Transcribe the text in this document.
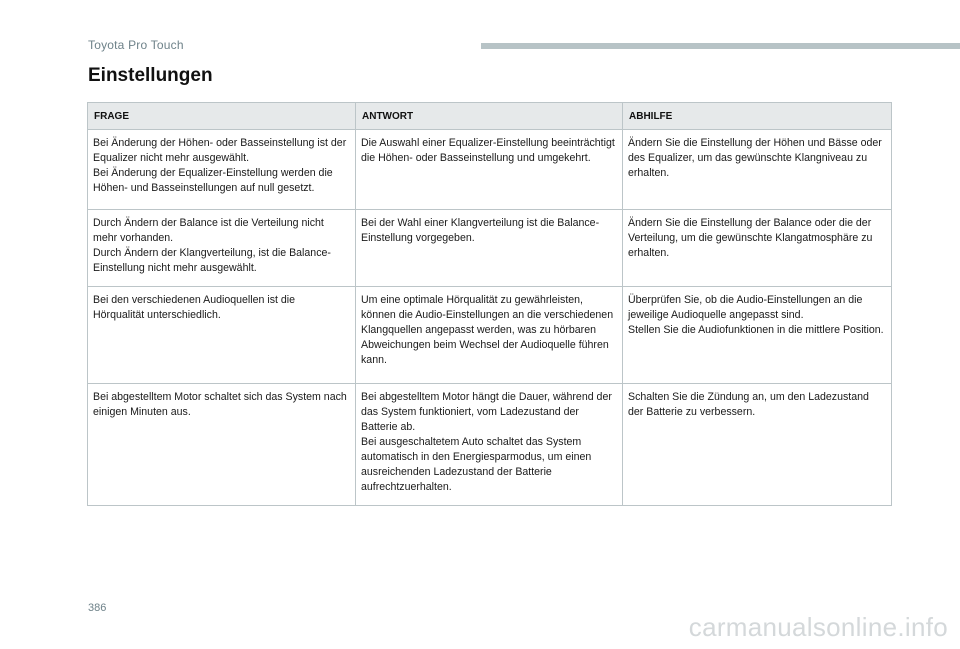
Toyota Pro Touch
Einstellungen
FRAGE	ANTWORT	ABHILFE

Bei Änderung der Höhen- oder Basseinstellung ist der Equalizer nicht mehr ausgewählt.
Bei Änderung der Equalizer-Einstellung werden die Höhen- und Basseinstellungen auf null gesetzt.	Die Auswahl einer Equalizer-Einstellung beeinträchtigt die Höhen- oder Basseinstellung und umgekehrt.	Ändern Sie die Einstellung der Höhen und Bässe oder des Equalizer, um das gewünschte Klangniveau zu erhalten.

Durch Ändern der Balance ist die Verteilung nicht mehr vorhanden.
Durch Ändern der Klangverteilung, ist die Balance-Einstellung nicht mehr ausgewählt.	Bei der Wahl einer Klangverteilung ist die Balance-Einstellung vorgegeben.	Ändern Sie die Einstellung der Balance oder die der Verteilung, um die gewünschte Klangatmosphäre zu erhalten.

Bei den verschiedenen Audioquellen ist die Hörqualität unterschiedlich.	Um eine optimale Hörqualität zu gewährleisten, können die Audio-Einstellungen an die verschiedenen Klangquellen angepasst werden, was zu hörbaren Abweichungen beim Wechsel der Audioquelle führen kann.	Überprüfen Sie, ob die Audio-Einstellungen an die jeweilige Audioquelle angepasst sind.
Stellen Sie die Audiofunktionen in die mittlere Position.

Bei abgestelltem Motor schaltet sich das System nach einigen Minuten aus.	Bei abgestelltem Motor hängt die Dauer, während der das System funktioniert, vom Ladezustand der Batterie ab.
Bei ausgeschaltetem Auto schaltet das System automatisch in den Energiesparmodus, um einen ausreichenden Ladezustand der Batterie aufrechtzuerhalten.	Schalten Sie die Zündung an, um den Ladezustand der Batterie zu verbessern.
386
carmanualsonline.info
